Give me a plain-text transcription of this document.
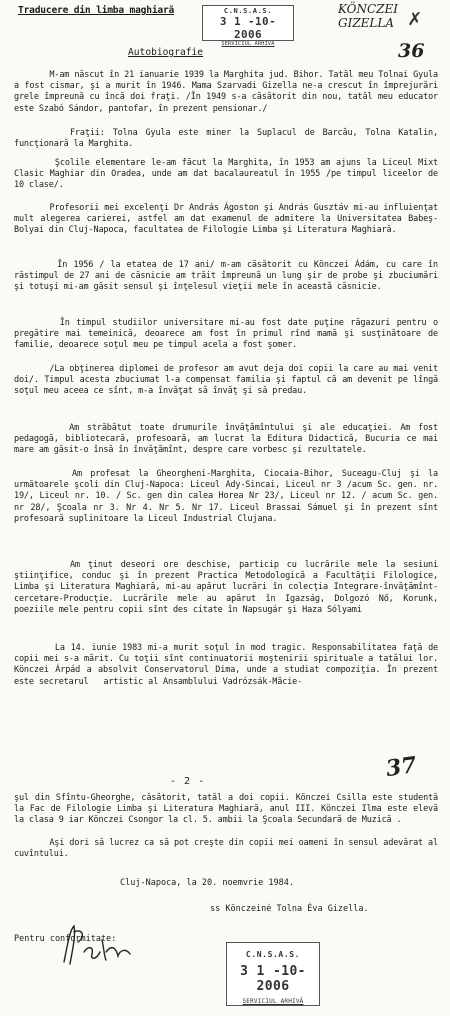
Traducere din limba maghiară	C.N.S.A.S.
3 1 -10- 2006
SERVICIUL ARHIVA
KÖNCZEI GIZELLA ✗
36
Autobiografie

M-am născut în 21 ianuarie 1939 la Marghita jud. Bihor. Tatăl meu Tolnai Gyula a fost cismar, şi a murit în 1946. Mama Szarvadi Gizella ne-a crescut în împrejurări grele împreună cu încă doi fraţi. /În 1949 s-a căsătorit din nou, tatăl meu educator este Szabó Sándor, pantofar, în prezent pensionar./

Fraţii: Tolna Gyula este miner la Suplacul de Barcău, Tolna Katalin, funcţionară la Marghita.

Şcolile elementare le-am făcut la Marghita, în 1953 am ajuns la Liceul Mixt Clasic Maghiar din Oradea, unde am dat bacalaureatul în 1955 /pe timpul liceelor de 10 clase/.

Profesorii mei excelenţi Dr András Ágoston şi András Gusztáv mi-au influienţat mult alegerea carierei, astfel am dat examenul de admitere la Universitatea Babeş-Bolyai din Cluj-Napoca, facultatea de Filologie Limba şi Literatura Maghiară.

În 1956 / la etatea de 17 ani/ m-am căsătorit cu Könczei Ádám, cu care în răstimpul de 27 ani de căsnicie am trăit împreună un lung şir de probe şi zbuciumări şi totuşi mi-am găsit sensul şi înţelesul vieţii mele în această căsnicie.

În timpul studiilor universitare mi-au fost date puţine răgazuri pentru o pregătire mai temeinică, deoarece am fost în primul rînd mamă şi susţinătoare de familie, deoarece soţul meu pe timpul acela a fost şomer.

/La obţinerea diplomei de profesor am avut deja doi copii la care au mai venit doi/. Timpul acesta zbuciumat l-a compensat familia şi faptul că am devenit pe lîngă soţul meu aceea ce sînt, m-a învăţat să învăţ şi să predau.

Am străbătut toate drumurile învăţămîntului şi ale educaţiei. Am fost pedagogă, bibliotecară, profesoară, am lucrat la Editura Didactică, Bucuria ce mai mare am găsit-o însă în învăţămînt, despre care vorbesc şi rezultatele.

Am profesat la Gheorgheni-Marghita, Ciocaia-Bihor, Suceagu-Cluj şi la următoarele şcoli din Cluj-Napoca: Liceul Ady-Sincai, Liceul nr 3 /acum Sc. gen. nr. 19/, Liceul nr. 10. / Sc. gen din calea Horea Nr 23/, Liceul nr 12. / acum Sc. gen. nr 28/, Şcoala nr 3. Nr 4. Nr 5. Nr 17. Liceul Brassai Sámuel şi în prezent sînt profesoară suplinitoare la Liceul Industrial Clujana.

Am ţinut deseori ore deschise, particip cu lucrările mele la sesiuni ştiinţifice, conduc şi în prezent Practica Metodologică a Facultăţii Filologice, Limba şi Literatura Maghiară, mi-au apărut lucrări în colecţia Integrare-învăţămînt-cercetare-Producţie. Lucrările mele au apărut în Igazság, Dolgozó Nő, Korunk, poeziile mele pentru copii sînt des citate în Napsugár şi Haza Sólyami

La 14. iunie 1983 mi-a murit soţul în mod tragic. Responsabilitatea faţă de copii mei s-a mărit. Cu toţii sînt continuatorii moştenirii spirituale a tatălui lor. Könczei Árpád a absolvit Conservatorul Dima, unde a studiat compoziţia. În prezent este secretarul   artistic al Ansamblului Vadrózsák-Măcie-

- 2 -	37

şul din Sfîntu-Gheorghe, căsătorit, tatăl a doi copii. Könczei Csilla este studentă la Fac de Filologie Limba şi Literatura Maghiară, anul III. Könczei Ilma este elevă la clasa 9 iar Könczei Csongor la cl. 5. ambii la Şcoala Secundară de Muzică .

Aşi dori să lucrez ca să pot creşte din copii mei oameni în sensul adevărat al cuvîntului.

Cluj-Napoca, la 20. noemvrie 1984.
ss Könczeiné Tolna Éva Gizella.
Pentru conformitate:
C.N.S.A.S.
3 1 -10- 2006
SERVICIUL ARHIVĂ
